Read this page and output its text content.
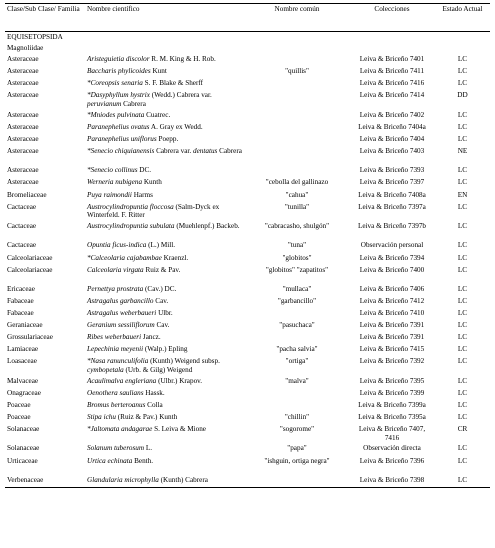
Clase/Sub Clase/ Familia	Nombre científico	Nombre común	Colecciones	Estado Actual
EQUISETOPSIDA				
Magnoliidae				
Asteraceae	Aristeguietia discolor R. M. King & H. Rob.		Leiva & Briceño 7401	LC
Asteraceae	Baccharis phylicoides Kunt	"quillis"	Leiva & Briceño 7411	LC
Asteraceae	*Coreopsis senaria S. F. Blake & Sherff		Leiva & Briceño 7416	LC
Asteraceae	*Dasyphyllum hystrix (Wedd.) Cabrera var. peruvianum Cabrera		Leiva & Briceño 7414	DD
Asteraceae	*Mniodes pulvinata Cuatrec.		Leiva & Briceño 7402	LC
Asteraceae	Paranephelius ovatus A. Gray ex Wedd.		Leiva & Briceño 7404a	LC
Asteraceae	Paranephelius uniflorus Poepp.		Leiva & Briceño 7404	LC
Asteraceae	*Senecio chiquianensis Cabrera var. dentatus Cabrera		Leiva & Briceño 7403	NE
Asteraceae	*Senecio collinus DC.		Leiva & Briceño 7393	LC
Asteraceae	Werneria nubigena Kunth	"cebolla del gallinazo	Leiva & Briceño 7397	LC
Bromeliaceae	Puya raimondii Harms	"cahua"	Leiva & Briceño 7408a	EN
Cactaceae	Austrocylindropuntia floccosa (Salm-Dyck ex Winterfeld. F. Ritter	"tunilla"	Leiva & Briceño 7397a	LC
Cactaceae	Austrocylindropuntia subulata (Muehlenpf.) Backeb.	"cabracasho, shulgón"	Leiva & Briceño 7397b	LC
Cactaceae	Opuntia ficus-indica (L.) Mill.	"tuna"	Observación personal	LC
Calceolariaceae	*Calceolaria cajabambae Kraenzl.	"globitos"	Leiva & Briceño 7394	LC
Calceolariaceae	Calceolaria virgata Ruiz & Pav.	"globitos" "zapatitos"	Leiva & Briceño 7400	LC

Ericaceae	Pernettya prostrata (Cav.) DC.	"mullaca"	Leiva & Briceño 7406	LC
Fabaceae	Astragalus garbancillo Cav.	"garbancillo"	Leiva & Briceño 7412	LC
Fabaceae	Astragalus weberbaueri Ulbr.		Leiva & Briceño 7410	LC
Geraniaceae	Geranium sessiliflorum Cav.	"pasuchaca"	Leiva & Briceño 7391	LC
Grossulariaceae	Ribes weberbaueri Jancz.		Leiva & Briceño 7391	LC
Lamiaceae	Lepechinia meyenii (Walp.) Epling	"pacha salvia"	Leiva & Briceño 7415	LC
Loasaceae	*Nasa ranunculifolia (Kunth) Weigend subsp. cymbopetala (Urb. & Gilg) Weigend	"ortiga"	Leiva & Briceño 7392	LC
Malvaceae	Acaulimalva engleriana (Ulbr.) Krapov.	"malva"	Leiva & Briceño 7395	LC
Onagraceae	Oenothera saulians Hassk.		Leiva & Briceño 7399	LC
Poaceae	Bromus berteroanus Colla		Leiva & Briceño 7399a	LC
Poaceae	Stipa ichu (Ruiz & Pav.) Kunth	"chillin"	Leiva & Briceño 7395a	LC
Solanaceae	*Jaltomata andagarae S. Leiva & Mione	"sogorome"	Leiva & Briceño 7407, 7416	CR
Solanaceae	Solanum tuberosum L.	"papa"	Observación directa	LC
Urticaceae	Urtica echinata Benth.	"ishguin, ortiga negra"	Leiva & Briceño 7396	LC
Verbenaceae	Glandularia microphylla (Kunth) Cabrera		Leiva & Briceño 7398	LC
